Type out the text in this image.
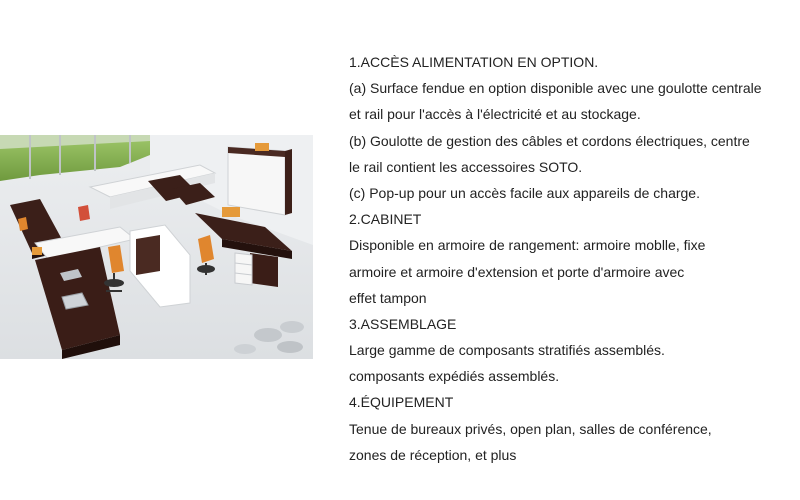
1.ACCÈS ALIMENTATION EN OPTION.
(a) Surface fendue en option disponible avec une goulotte centrale
et rail pour l'accès à l'électricité et au stockage.
(b) Goulotte de gestion des câbles et cordons électriques, centre
le rail contient les accessoires SOTO.
(c) Pop-up pour un accès facile aux appareils de charge.
2.CABINET
Disponible en armoire de rangement: armoire moblle, fixe
armoire et armoire d'extension et porte d'armoire avec
effet tampon
3.ASSEMBLAGE
Large gamme de composants stratifiés assemblés.
composants expédiés assemblés.
4.ÉQUIPEMENT
Tenue de bureaux privés, open plan, salles de conférence,
zones de réception, et plus
